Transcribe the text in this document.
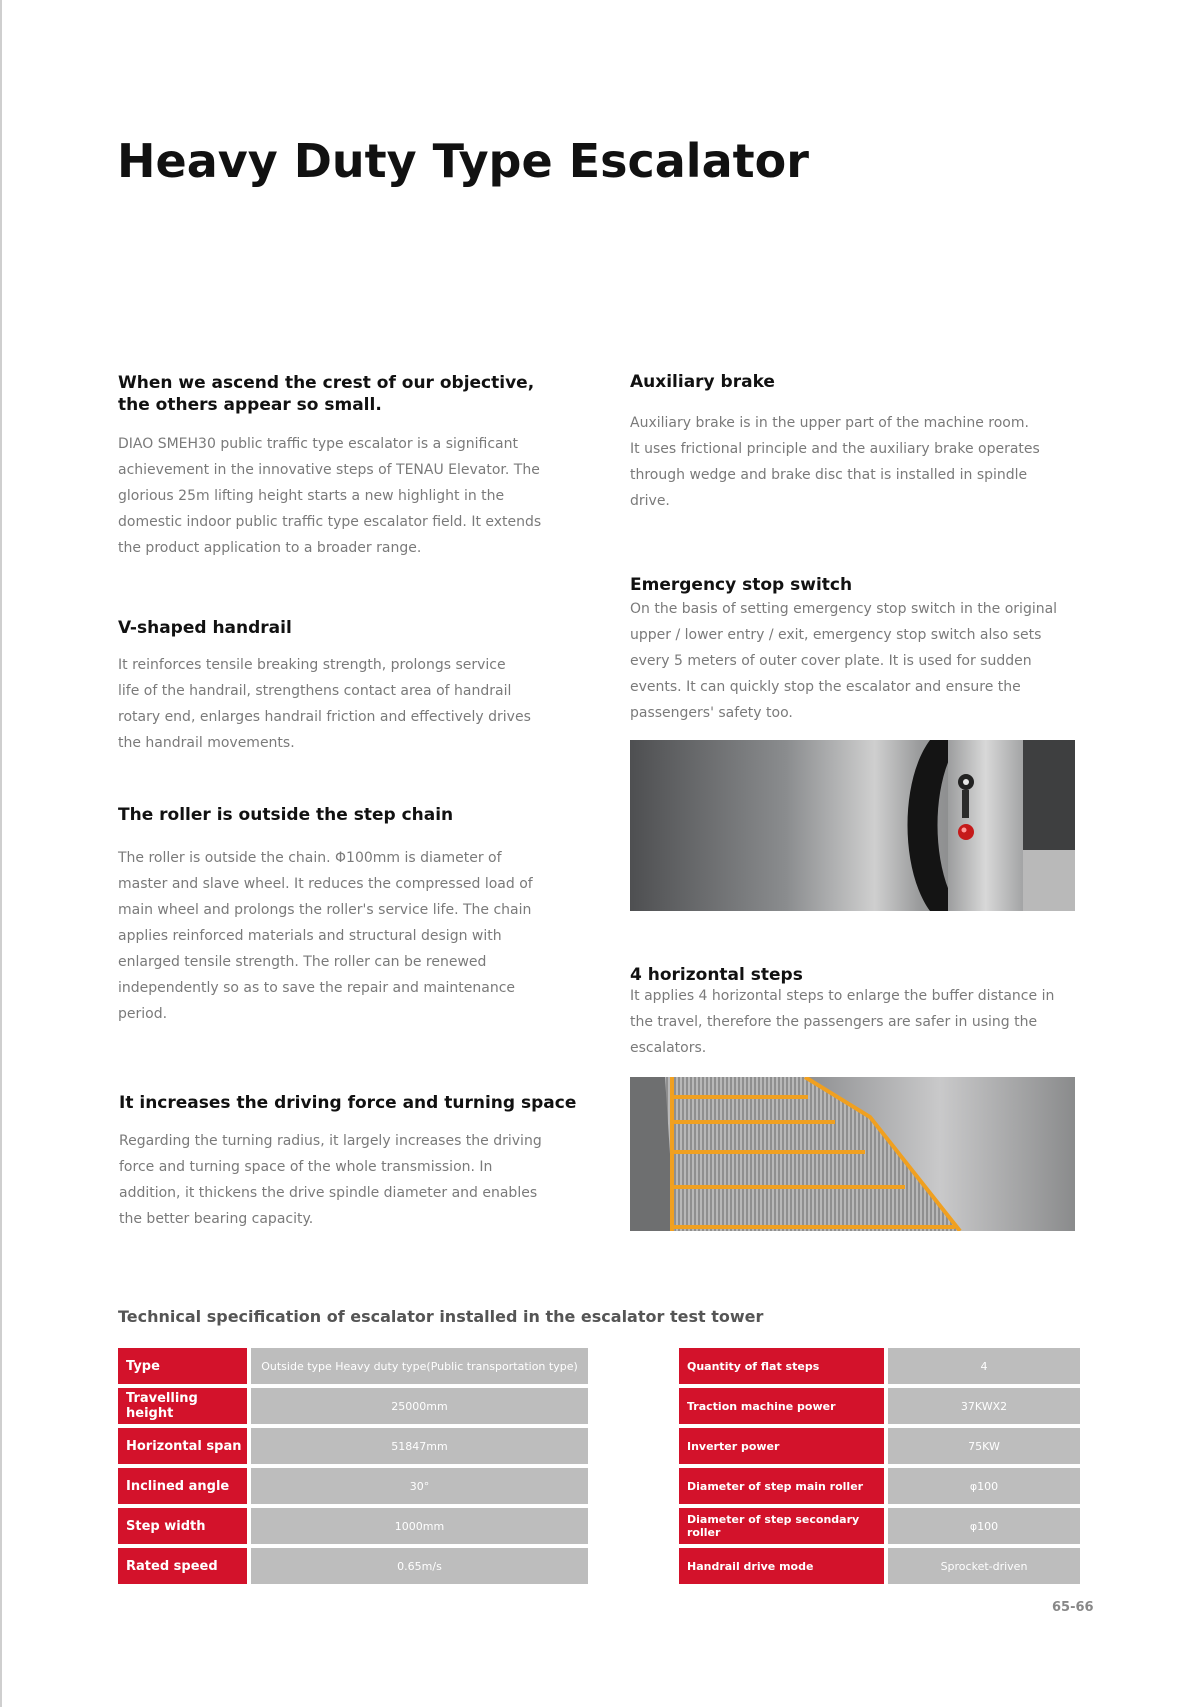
Heavy Duty Type Escalator
When we ascend the crest of our objective,
the others appear so small.
DIAO SMEH30 public traffic type escalator is a significant
achievement in the innovative steps of TENAU Elevator. The
glorious 25m lifting height starts a new highlight in the
domestic indoor public traffic type escalator field. It extends
the product application to a broader range.
V-shaped handrail
It reinforces tensile breaking strength, prolongs service
life of the handrail, strengthens contact area of handrail
rotary end, enlarges handrail friction and effectively drives
the handrail movements.
The roller is outside the step chain
The roller is outside the chain. Φ100mm is diameter of
master and slave wheel. It reduces the compressed load of
main wheel and prolongs the roller's service life. The chain
applies reinforced materials and structural design with
enlarged tensile strength. The roller can be renewed
independently so as to save the repair and maintenance
period.
It increases the driving force and turning space
Regarding the turning radius, it largely increases the driving
force and turning space of the whole transmission. In
addition, it thickens the drive spindle diameter and enables
the better bearing capacity.
Auxiliary brake
Auxiliary brake is in the upper part of the machine room.
It uses frictional principle and the auxiliary brake operates
through wedge and brake disc that is installed in spindle
drive.
Emergency stop switch
On the basis of setting emergency stop switch in the original
upper / lower entry / exit, emergency stop switch also sets
every 5 meters of outer cover plate. It is used for sudden
events. It can quickly stop the escalator and ensure the
passengers' safety too.
4 horizontal steps
It applies 4 horizontal steps to enlarge the buffer distance in
the travel, therefore the passengers are safer in using the
escalators.
Technical specification of escalator installed in the escalator test tower
Type	Outside type Heavy duty type(Public transportation type)
Travelling height	25000mm
Horizontal span	51847mm
Inclined angle	30°
Step width	1000mm
Rated speed	0.65m/s
Quantity of flat steps	4
Traction machine power	37KWX2
Inverter power	75KW
Diameter of step main roller	φ100
Diameter of step secondary roller	φ100
Handrail drive mode	Sprocket-driven
65-66
